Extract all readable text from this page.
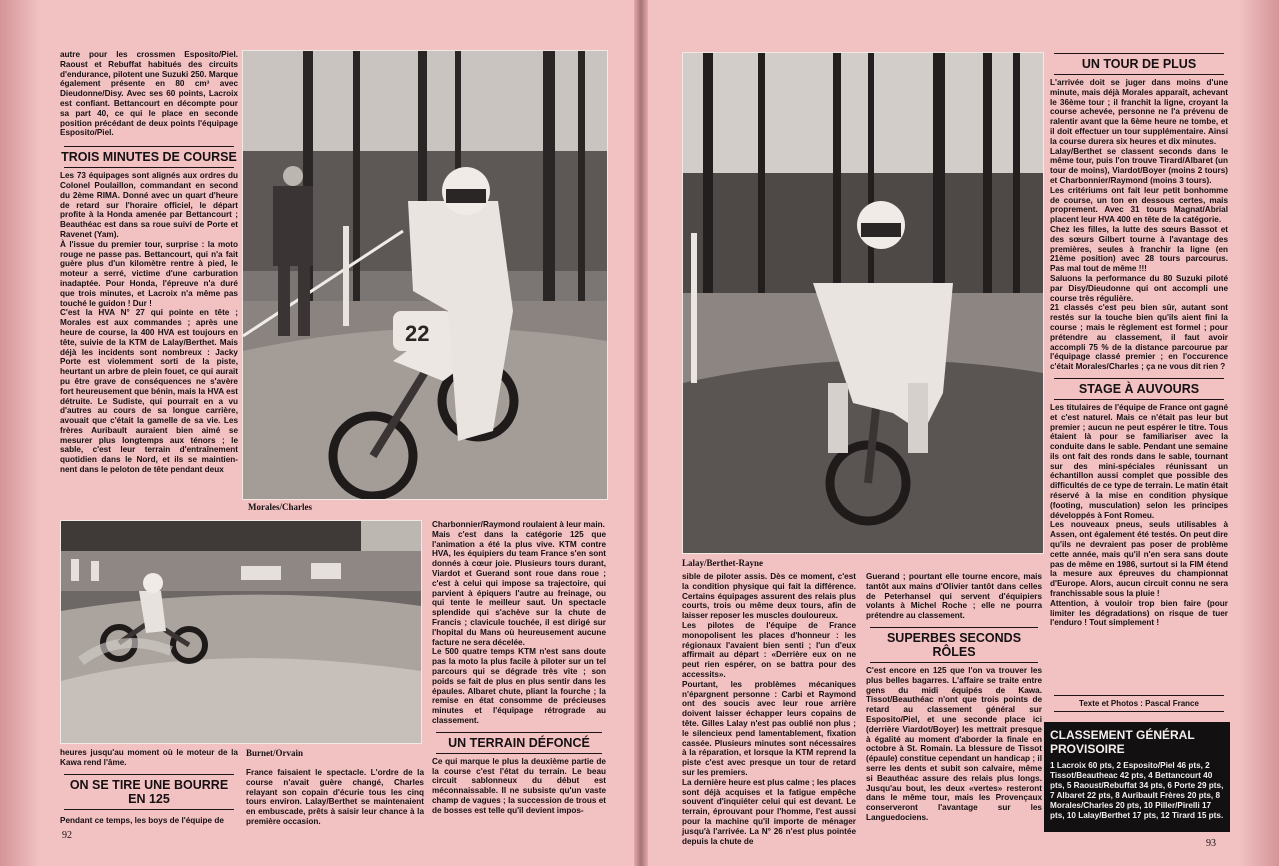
autre pour les crossmen Esposito/Piel. Raoust et Rebuffat habitués des circuits d'endurance, pilotent une Suzuki 250. Marque également présente en 80 cm³ avec Dieudonne/Disy. Avec ses 60 points, Lacroix est confiant. Bettancourt en décompte pour sa part 40, ce qui le place en seconde position précédant de deux points l'équipage Esposito/Piel.

TROIS MINUTES DE COURSE

Les 73 équipages sont alignés aux ordres du Colonel Poulaillon, commandant en second du 2ème RIMA. Donné avec un quart d'heure de retard sur l'horaire officiel, le départ profite à la Honda amenée par Bettancourt ; Beauthéac est dans sa roue suivi de Porte et Ravenet (Yam).

À l'issue du premier tour, surprise : la moto rouge ne passe pas. Bettancourt, qui n'a fait guère plus d'un kilomètre rentre à pied, le moteur a serré, victime d'une carburation inadaptée. Pour Honda, l'épreuve n'a duré que trois minutes, et Lacroix n'a même pas touché le guidon ! Dur !

C'est la HVA N° 27 qui pointe en tête ; Morales est aux commandes ; après une heure de course, la 400 HVA est toujours en tête, suivie de la KTM de Lalay/Berthet. Mais déjà les incidents sont nombreux : Jacky Porte est violemment sorti de la piste, heurtant un arbre de plein fouet, ce qui aurait pu être grave de conséquences ne s'avère fort heureusement que bénin, mais la HVA est détruite. Le Sudiste, qui pourrait en a vu d'autres au cours de sa longue carrière, avouait que c'était la gamelle de sa vie. Les frères Auribault auraient bien aimé se mesurer plus longtemps aux ténors ; le sable, c'est leur terrain d'entraînement quotidien dans le Nord, et ils se maintien-nent dans le peloton de tête pendant deux

22
Morales/Charles

heures jusqu'au moment où le moteur de la Kawa rend l'âme.

ON SE TIRE UNE BOURRE EN 125

Pendant ce temps, les boys de l'équipe de

Burnet/Orvain

France faisaient le spectacle. L'ordre de la course n'avait guère changé, Charles relayant son copain d'écurie tous les cinq tours environ. Lalay/Berthet se maintenaient en embuscade, prêts à saisir leur chance à la première occasion.

Charbonnier/Raymond roulaient à leur main.

Mais c'est dans la catégorie 125 que l'animation a été la plus vive. KTM contre HVA, les équipiers du team France s'en sont donnés à cœur joie. Plusieurs tours durant, Viardot et Guerand sont roue dans roue ; c'est à celui qui impose sa trajectoire, qui parvient à épiquers l'autre au freinage, ou qui tente le meilleur saut. Un spectacle splendide qui s'achève sur la chute de Francis ; clavicule touchée, il est dirigé sur l'hopital du Mans où heureusement aucune facture ne sera décelée.

Le 500 quatre temps KTM n'est sans doute pas la moto la plus facile à piloter sur un tel parcours qui se dégrade très vite ; son poids se fait de plus en plus sentir dans les épaules. Albaret chute, pliant la fourche ; la remise en état consomme de précieuses minutes et l'équipage rétrograde au classement.

UN TERRAIN DÉFONCÉ

Ce qui marque le plus la deuxième partie de la course c'est l'état du terrain. Le beau circuit sablonneux du début est méconnaissable. Il ne subsiste qu'un vaste champ de vagues ; la succession de trous et de bosses est telle qu'il devient impos-

92
Lalay/Berthet-Rayne

sible de piloter assis. Dès ce moment, c'est la condition physique qui fait la différence. Certains équipages assurent des relais plus courts, trois ou même deux tours, afin de laisser reposer les muscles douloureux.

Les pilotes de l'équipe de France monopolisent les places d'honneur : les régionaux l'avaient bien senti ; l'un d'eux affirmait au départ : «Derrière eux on ne peut rien espérer, on se battra pour des accessits».

Pourtant, les problèmes mécaniques n'épargnent personne : Carbi et Raymond ont des soucis avec leur roue arrière doivent laisser échapper leurs copains de tête. Gilles Lalay n'est pas oublié non plus ; le silencieux pend lamentablement, fixation cassée. Plusieurs minutes sont nécessaires à la réparation, et lorsque la KTM reprend la piste c'est avec presque un tour de retard sur les premiers.

La dernière heure est plus calme ; les places sont déjà acquises et la fatigue empêche souvent d'inquiéter celui qui est devant. Le terrain, éprouvant pour l'homme, l'est aussi pour la machine qu'il importe de ménager jusqu'à l'arrivée. La N° 26 n'est plus pointée depuis la chute de

Guerand ; pourtant elle tourne encore, mais tantôt aux mains d'Olivier tantôt dans celles de Peterhansel qui servent d'équipiers volants à Michel Roche ; elle ne pourra prétendre au classement.

SUPERBES SECONDS RÔLES

C'est encore en 125 que l'on va trouver les plus belles bagarres. L'affaire se traite entre gens du midi équipés de Kawa. Tissot/Beauthéac n'ont que trois points de retard au classement général sur Esposito/Piel, et une seconde place ici (derrière Viardot/Boyer) les mettrait presque à égalité au moment d'aborder la finale en octobre à St. Romain. La blessure de Tissot (épaule) constitue cependant un handicap ; il serre les dents et subit son calvaire, même si Beauthéac assure des relais plus longs. Jusqu'au bout, les deux «vertes» resteront dans le même tour, mais les Provençaux conserveront l'avantage sur les Languedociens.

UN TOUR DE PLUS

L'arrivée doit se juger dans moins d'une minute, mais déjà Morales apparaît, achevant le 36ème tour ; il franchit la ligne, croyant la course achevée, personne ne l'a prévenu de ralentir avant que la 6ème heure ne tombe, et il doit effectuer un tour supplémentaire. Ainsi la course durera six heures et dix minutes.

Lalay/Berthet se classent seconds dans le même tour, puis l'on trouve Tirard/Albaret (un tour de moins), Viardot/Boyer (moins 2 tours) et Charbonnier/Raymond (moins 3 tours).

Les critériums ont fait leur petit bonhomme de course, un ton en dessous certes, mais proprement. Avec 31 tours Magnat/Abrial placent leur HVA 400 en tête de la catégorie.

Chez les filles, la lutte des sœurs Bassot et des sœurs Gilbert tourne à l'avantage des premières, seules à franchir la ligne (en 21ème position) avec 28 tours parcourus. Pas mal tout de même !!!

Saluons la performance du 80 Suzuki piloté par Disy/Dieudonne qui ont accompli une course très régulière.

21 classés c'est peu bien sûr, autant sont restés sur la touche bien qu'ils aient fini la course ; mais le règlement est formel ; pour prétendre au classement, il faut avoir accompli 75 % de la distance parcourue par l'équipage classé premier ; en l'occurence c'était Morales/Charles ; ça ne vous dit rien ?

STAGE À AUVOURS

Les titulaires de l'équipe de France ont gagné et c'est naturel. Mais ce n'était pas leur but premier ; aucun ne peut espérer le titre. Tous étaient là pour se familiariser avec la conduite dans le sable. Pendant une semaine ils ont fait des ronds dans le sable, tournant sur des mini-spéciales réunissant un échantillon aussi complet que possible des difficultés de ce type de terrain. Le matin était réservé à la mise en condition physique (footing, musculation) selon les principes développés à Font Romeu.

Les nouveaux pneus, seuls utilisables à Assen, ont également été testés. On peut dire qu'ils ne devraient pas poser de problème cette année, mais qu'il n'en sera sans doute pas de même en 1986, surtout si la FIM étend la mesure aux épreuves du championnat d'Europe. Alors, aucun circuit connu ne sera franchissable sous la pluie !

Attention, à vouloir trop bien faire (pour limiter les dégradations) on risque de tuer l'enduro ! Tout simplement !

Texte et Photos : Pascal France
CLASSEMENT GÉNÉRAL PROVISOIRE
1 Lacroix 60 pts, 2 Esposito/Piel 46 pts, 2 Tissot/Beautheac 42 pts, 4 Bettancourt 40 pts, 5 Raoust/Rebuffat 34 pts, 6 Porte 29 pts, 7 Albaret 22 pts, 8 Auribault Frères 20 pts, 8 Morales/Charles 20 pts, 10 Piller/Pirelli 17 pts, 10 Lalay/Berthet 17 pts, 12 Tirard 15 pts.
93
